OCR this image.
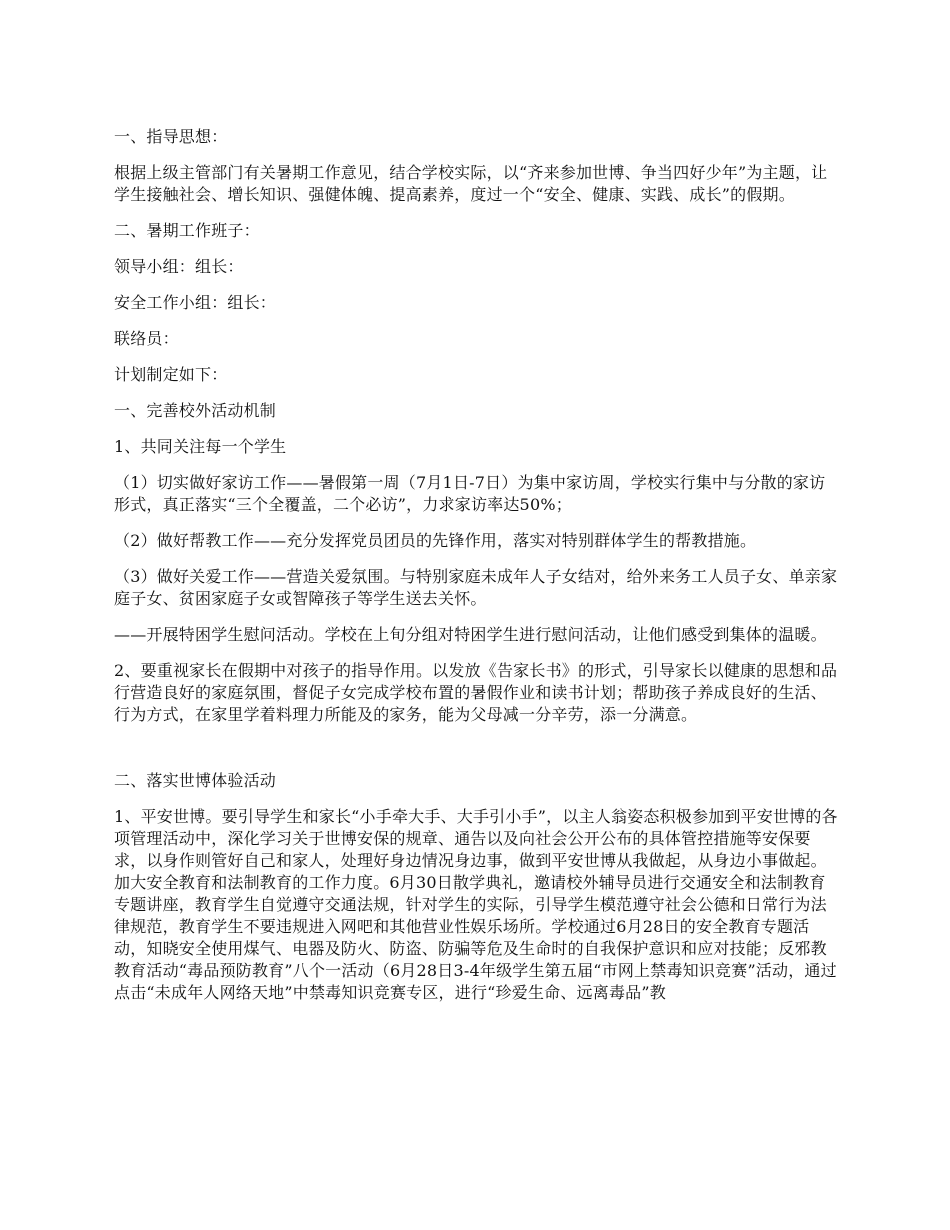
一、指导思想：

根据上级主管部门有关暑期工作意见，结合学校实际，以“齐来参加世博、争当四好少年”为主题，让学生接触社会、增长知识、强健体魄、提高素养，度过一个“安全、健康、实践、成长”的假期。

二、暑期工作班子：

领导小组：组长：

安全工作小组：组长：

联络员：

计划制定如下：

一、完善校外活动机制

1、共同关注每一个学生

（1）切实做好家访工作——暑假第一周（7月1日-7日）为集中家访周，学校实行集中与分散的家访形式，真正落实“三个全覆盖，二个必访”，力求家访率达50%；

（2）做好帮教工作——充分发挥党员团员的先锋作用，落实对特别群体学生的帮教措施。

（3）做好关爱工作——营造关爱氛围。与特别家庭未成年人子女结对，给外来务工人员子女、单亲家庭子女、贫困家庭子女或智障孩子等学生送去关怀。

——开展特困学生慰问活动。学校在上旬分组对特困学生进行慰问活动，让他们感受到集体的温暖。

2、要重视家长在假期中对孩子的指导作用。以发放《告家长书》的形式，引导家长以健康的思想和品行营造良好的家庭氛围，督促子女完成学校布置的暑假作业和读书计划；帮助孩子养成良好的生活、行为方式，在家里学着料理力所能及的家务，能为父母减一分辛劳，添一分满意。

二、落实世博体验活动

1、平安世博。要引导学生和家长“小手牵大手、大手引小手”，以主人翁姿态积极参加到平安世博的各项管理活动中，深化学习关于世博安保的规章、通告以及向社会公开公布的具体管控措施等安保要求，以身作则管好自己和家人，处理好身边情况身边事，做到平安世博从我做起，从身边小事做起。加大安全教育和法制教育的工作力度。6月30日散学典礼，邀请校外辅导员进行交通安全和法制教育专题讲座，教育学生自觉遵守交通法规，针对学生的实际，引导学生模范遵守社会公德和日常行为法律规范，教育学生不要违规进入网吧和其他营业性娱乐场所。学校通过6月28日的安全教育专题活动，知晓安全使用煤气、电器及防火、防盗、防骗等危及生命时的自我保护意识和应对技能；反邪教教育活动“毒品预防教育”八个一活动（6月28日3-4年级学生第五届“市网上禁毒知识竞赛”活动，通过点击“未成年人网络天地”中禁毒知识竞赛专区，进行“珍爱生命、远离毒品”教
